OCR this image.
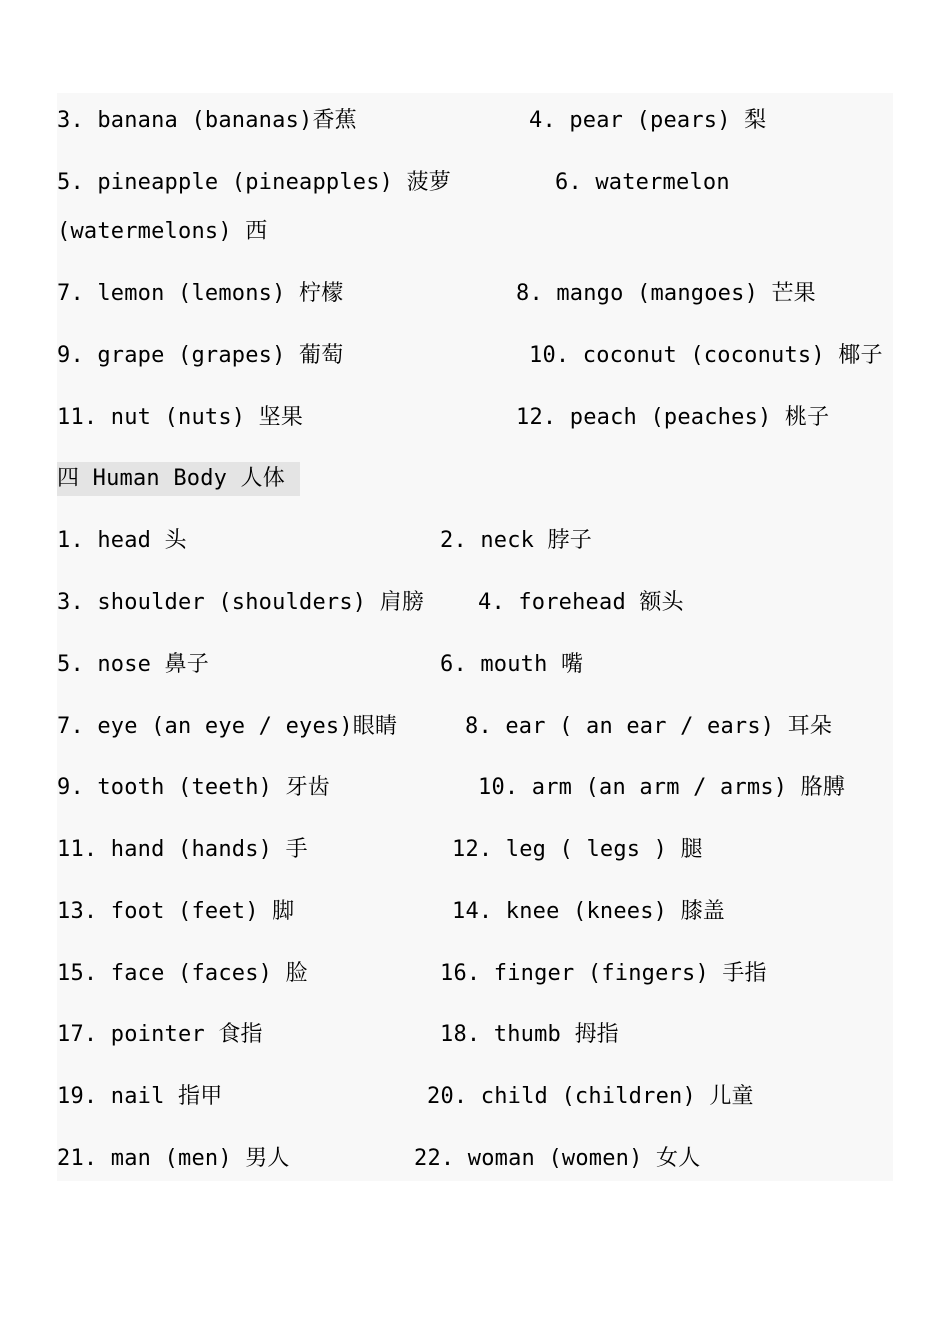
3. banana (bananas)香蕉	4. pear (pears) 梨
5. pineapple (pineapples) 菠萝	6. watermelon
(watermelons) 西
7. lemon (lemons) 柠檬	8. mango (mangoes) 芒果
9. grape (grapes) 葡萄	10. coconut (coconuts) 椰子
11. nut (nuts) 坚果	12. peach (peaches) 桃子
四 Human Body 人体
1. head 头	2. neck 脖子
3. shoulder (shoulders) 肩膀 4. forehead 额头
5. nose 鼻子	6. mouth 嘴
7. eye (an eye / eyes)眼睛	8. ear ( an ear / ears) 耳朵
9. tooth (teeth) 牙齿	10. arm (an arm / arms) 胳膊
11. hand (hands) 手	12. leg ( legs ) 腿
13. foot (feet) 脚	14. knee (knees) 膝盖
15. face (faces) 脸	16. finger (fingers) 手指
17. pointer 食指	18. thumb 拇指
19. nail 指甲	20. child (children) 儿童
21. man (men) 男人	22. woman (women) 女人
